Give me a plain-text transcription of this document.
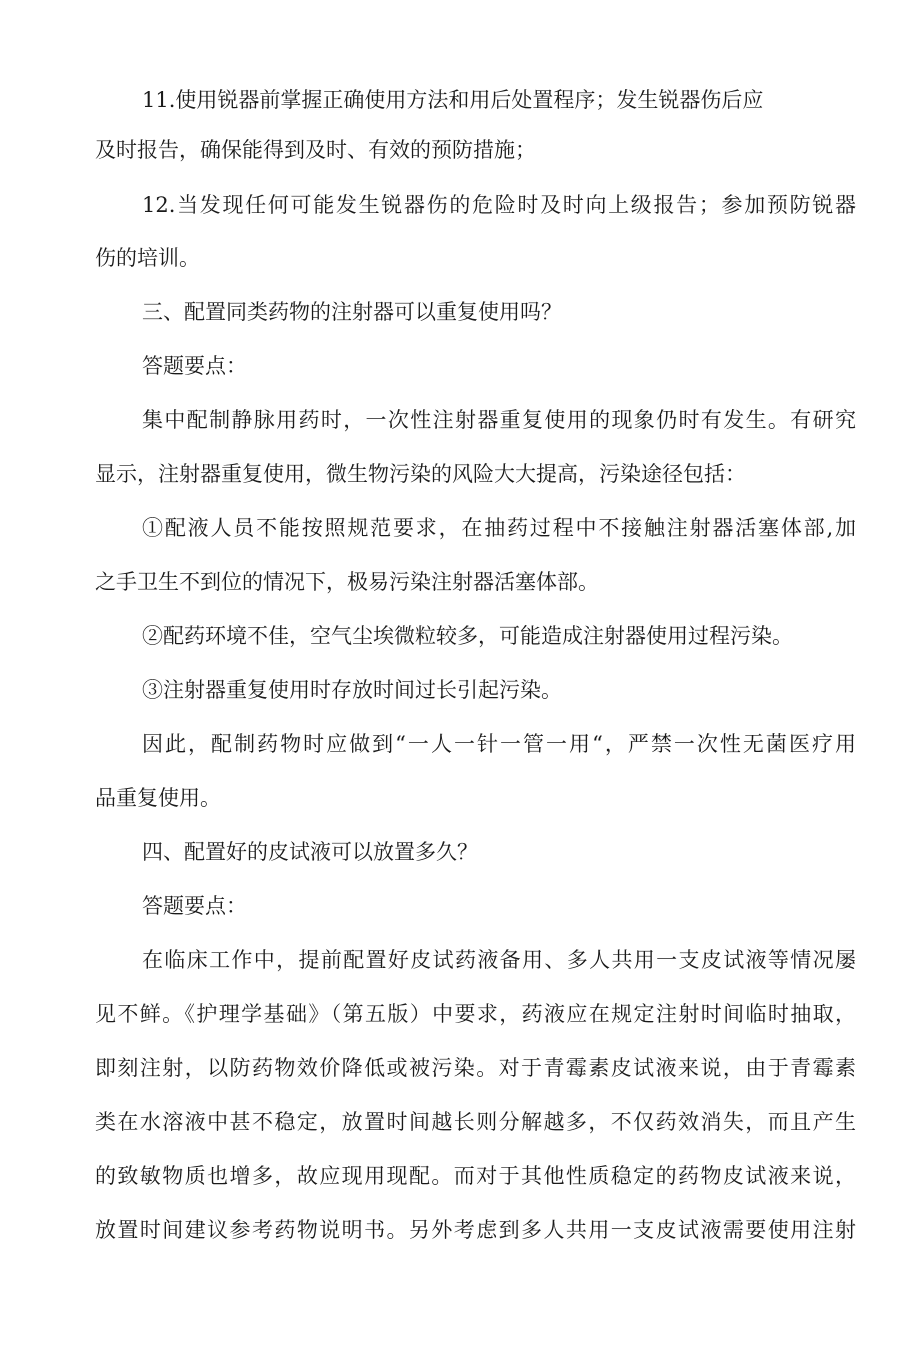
11.使用锐器前掌握正确使用方法和用后处置程序；发生锐器伤后应
及时报告，确保能得到及时、有效的预防措施；
12.当发现任何可能发生锐器伤的危险时及时向上级报告；参加预防锐器
伤的培训。
三、配置同类药物的注射器可以重复使用吗？
答题要点：
集中配制静脉用药时，一次性注射器重复使用的现象仍时有发生。有研究
显示，注射器重复使用，微生物污染的风险大大提高，污染途径包括：
①配液人员不能按照规范要求，在抽药过程中不接触注射器活塞体部,加
之手卫生不到位的情况下，极易污染注射器活塞体部。
②配药环境不佳，空气尘埃微粒较多，可能造成注射器使用过程污染。
③注射器重复使用时存放时间过长引起污染。
因此，配制药物时应做到“一人一针一管一用“，严禁一次性无菌医疗用
品重复使用。
四、配置好的皮试液可以放置多久？
答题要点：
在临床工作中，提前配置好皮试药液备用、多人共用一支皮试液等情况屡
见不鲜。《护理学基础》（第五版）中要求，药液应在规定注射时间临时抽取，
即刻注射，以防药物效价降低或被污染。对于青霉素皮试液来说，由于青霉素
类在水溶液中甚不稳定，放置时间越长则分解越多，不仅药效消失，而且产生
的致敏物质也增多，故应现用现配。而对于其他性质稳定的药物皮试液来说，
放置时间建议参考药物说明书。另外考虑到多人共用一支皮试液需要使用注射
